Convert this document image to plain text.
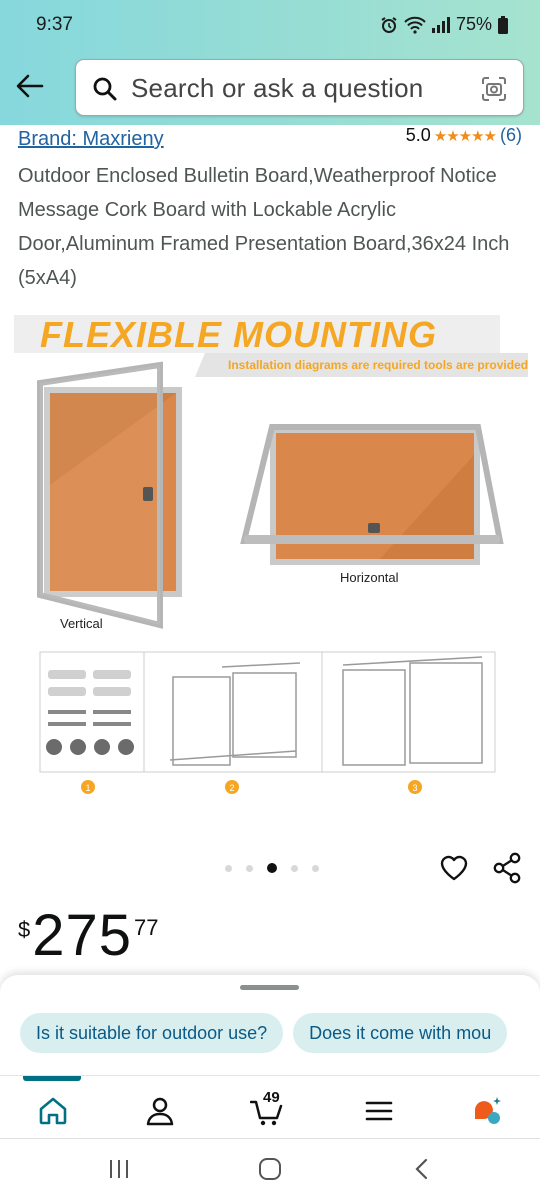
9:37	75%
Search or ask a question
Brand: Maxrieny	5.0 ★★★★★ (6)
Outdoor Enclosed Bulletin Board,Weatherproof Notice Message Cork Board with Lockable Acrylic Door,Aluminum Framed Presentation Board,36x24 Inch (5xA4)
FLEXIBLE MOUNTING
Installation diagrams are required tools are provided
Vertical
Horizontal
1	2	3
$ 275 77
Is it suitable for outdoor use?	Does it come with mou
49
